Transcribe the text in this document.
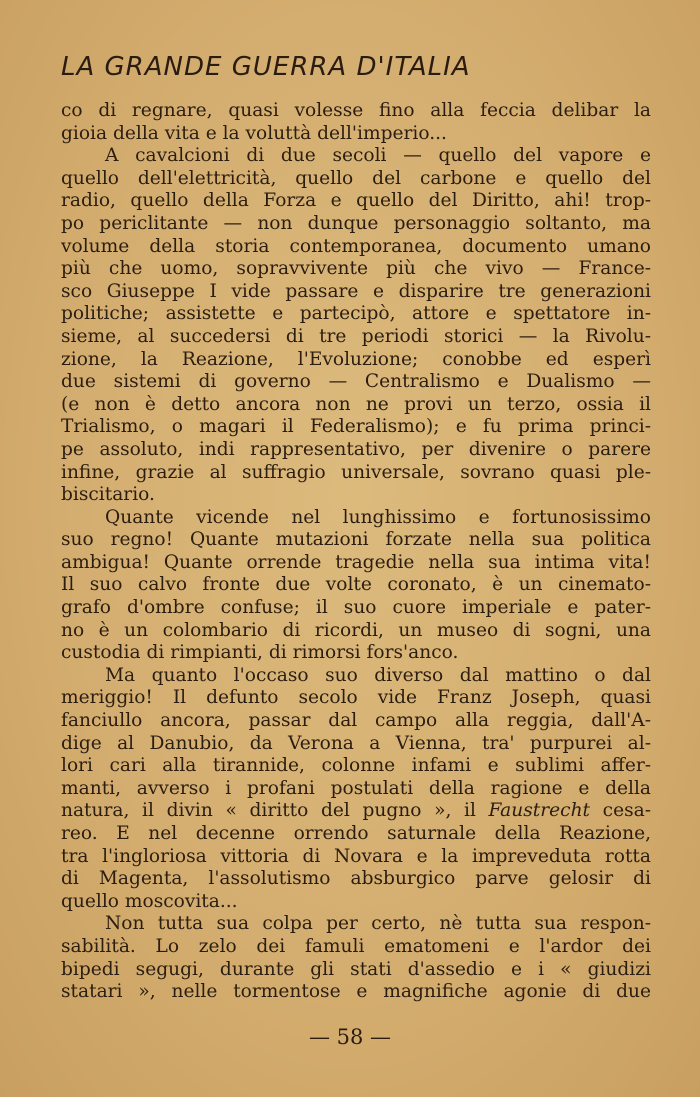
LA GRANDE GUERRA D'ITALIA
co di regnare, quasi volesse fino alla feccia delibar la
gioia della vita e la voluttà dell'imperio...
A cavalcioni di due secoli — quello del vapore e
quello dell'elettricità, quello del carbone e quello del
radio, quello della Forza e quello del Diritto, ahi! trop-
po periclitante — non dunque personaggio soltanto, ma
volume della storia contemporanea, documento umano
più che uomo, sopravvivente più che vivo — France-
sco Giuseppe I vide passare e disparire tre generazioni
politiche; assistette e partecipò, attore e spettatore in-
sieme, al succedersi di tre periodi storici — la Rivolu-
zione, la Reazione, l'Evoluzione; conobbe ed esperì
due sistemi di governo — Centralismo e Dualismo —
(e non è detto ancora non ne provi un terzo, ossia il
Trialismo, o magari il Federalismo); e fu prima princi-
pe assoluto, indi rappresentativo, per divenire o parere
infine, grazie al suffragio universale, sovrano quasi ple-
biscitario.
Quante vicende nel lunghissimo e fortunosissimo
suo regno! Quante mutazioni forzate nella sua politica
ambigua! Quante orrende tragedie nella sua intima vita!
Il suo calvo fronte due volte coronato, è un cinemato-
grafo d'ombre confuse; il suo cuore imperiale e pater-
no è un colombario di ricordi, un museo di sogni, una
custodia di rimpianti, di rimorsi fors'anco.
Ma quanto l'occaso suo diverso dal mattino o dal
meriggio! Il defunto secolo vide Franz Joseph, quasi
fanciullo ancora, passar dal campo alla reggia, dall'A-
dige al Danubio, da Verona a Vienna, tra' purpurei al-
lori cari alla tirannide, colonne infami e sublimi affer-
manti, avverso i profani postulati della ragione e della
natura, il divin « diritto del pugno », il Faustrecht cesa-
reo. E nel decenne orrendo saturnale della Reazione,
tra l'ingloriosa vittoria di Novara e la impreveduta rotta
di Magenta, l'assolutismo absburgico parve gelosir di
quello moscovita...
Non tutta sua colpa per certo, nè tutta sua respon-
sabilità. Lo zelo dei famuli ematomeni e l'ardor dei
bipedi segugi, durante gli stati d'assedio e i « giudizi
statari », nelle tormentose e magnifiche agonie di due
— 58 —
